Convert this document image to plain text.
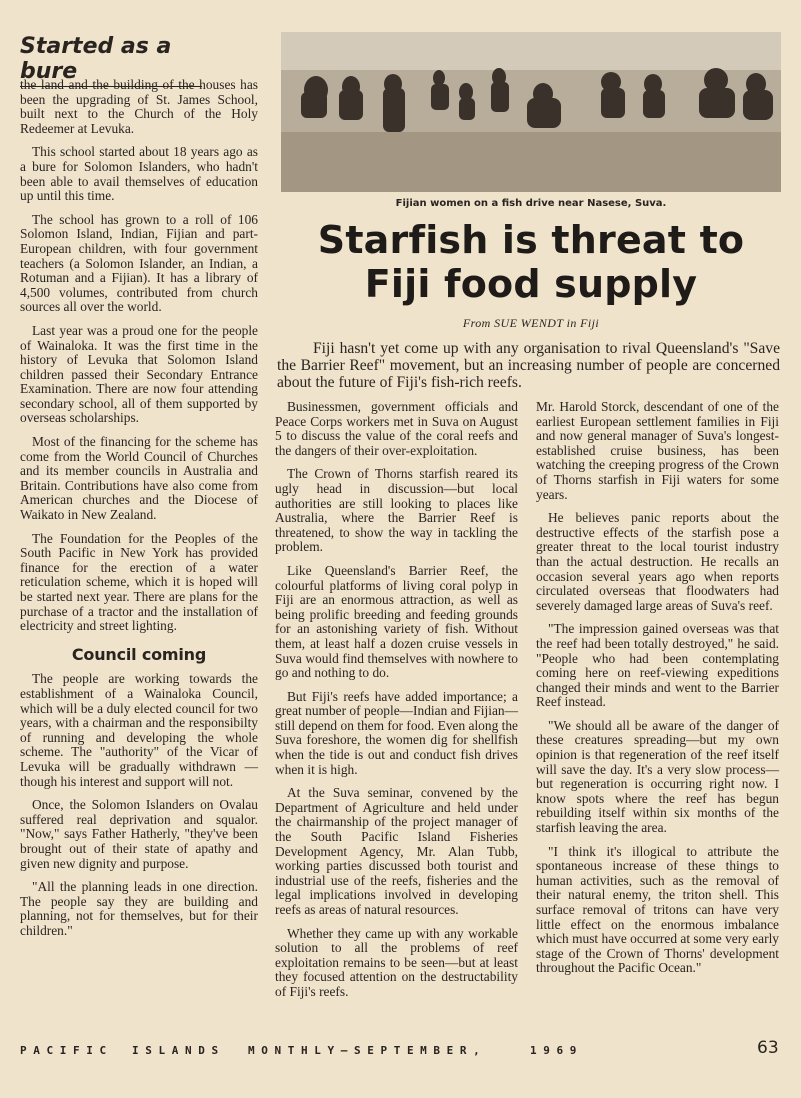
Started as a bure

the land and the building of the houses has been the upgrading of St. James School, built next to the Church of the Holy Redeemer at Levuka.

This school started about 18 years ago as a bure for Solomon Islanders, who hadn't been able to avail themselves of education up until this time.

The school has grown to a roll of 106 Solomon Island, Indian, Fijian and part-European children, with four government teachers (a Solomon Islander, an Indian, a Rotuman and a Fijian). It has a library of 4,500 volumes, contributed from church sources all over the world.

Last year was a proud one for the people of Wainaloka. It was the first time in the history of Levuka that Solomon Island children passed their Secondary Entrance Examination. There are now four attending secondary school, all of them supported by overseas scholarships.

Most of the financing for the scheme has come from the World Council of Churches and its member councils in Australia and Britain. Contributions have also come from American churches and the Diocese of Waikato in New Zealand.

The Foundation for the Peoples of the South Pacific in New York has provided finance for the erection of a water reticulation scheme, which it is hoped will be started next year. There are plans for the purchase of a tractor and the installation of electricity and street lighting.

Council coming

The people are working towards the establishment of a Wainaloka Council, which will be a duly elected council for two years, with a chairman and the responsibilty of running and developing the whole scheme. The "authority" of the Vicar of Levuka will be gradually withdrawn —though his interest and support will not.

Once, the Solomon Islanders on Ovalau suffered real deprivation and squalor. "Now," says Father Hatherly, "they've been brought out of their state of apathy and given new dignity and purpose.

"All the planning leads in one direction. The people say they are building and planning, not for themselves, but for their children."

Fijian women on a fish drive near Nasese, Suva.
Starfish is threat to
Fiji food supply
From SUE WENDT in Fiji

Fiji hasn't yet come up with any organisation to rival Queensland's "Save the Barrier Reef" movement, but an increasing number of people are concerned about the future of Fiji's fish-rich reefs.

Businessmen, government officials and Peace Corps workers met in Suva on August 5 to discuss the value of the coral reefs and the dangers of their over-exploitation.

The Crown of Thorns starfish reared its ugly head in discussion—but local authorities are still looking to places like Australia, where the Barrier Reef is threatened, to show the way in tackling the problem.

Like Queensland's Barrier Reef, the colourful platforms of living coral polyp in Fiji are an enormous attraction, as well as being prolific breeding and feeding grounds for an astonishing variety of fish. Without them, at least half a dozen cruise vessels in Suva would find themselves with nowhere to go and nothing to do.

But Fiji's reefs have added importance; a great number of people—Indian and Fijian—still depend on them for food. Even along the Suva foreshore, the women dig for shellfish when the tide is out and conduct fish drives when it is high.

At the Suva seminar, convened by the Department of Agriculture and held under the chairmanship of the project manager of the South Pacific Island Fisheries Development Agency, Mr. Alan Tubb, working parties discussed both tourist and industrial use of the reefs, fisheries and the legal implications involved in developing reefs as areas of natural resources.

Whether they came up with any workable solution to all the problems of reef exploitation remains to be seen—but at least they focused attention on the destructability of Fiji's reefs.

Mr. Harold Storck, descendant of one of the earliest European settlement families in Fiji and now general manager of Suva's longest-established cruise business, has been watching the creeping progress of the Crown of Thorns starfish in Fiji waters for some years.

He believes panic reports about the destructive effects of the starfish pose a greater threat to the local tourist industry than the actual destruction. He recalls an occasion several years ago when reports circulated overseas that floodwaters had severely damaged large areas of Suva's reef.

"The impression gained overseas was that the reef had been totally destroyed," he said. "People who had been contemplating coming here on reef-viewing expeditions changed their minds and went to the Barrier Reef instead.

"We should all be aware of the danger of these creatures spreading—but my own opinion is that regeneration of the reef itself will save the day. It's a very slow process—but regeneration is occurring right now. I know spots where the reef has begun rebuilding itself within six months of the starfish leaving the area.

"I think it's illogical to attribute the spontaneous increase of these things to human activities, such as the removal of their natural enemy, the triton shell. This surface removal of tritons can have very little effect on the enormous imbalance which must have occurred at some very early stage of the Crown of Thorns' development throughout the Pacific Ocean."

P A C I F I C I S L A N D S	M O N T H L Y — S E P T E M B E R ,	1 9 6 9	63
